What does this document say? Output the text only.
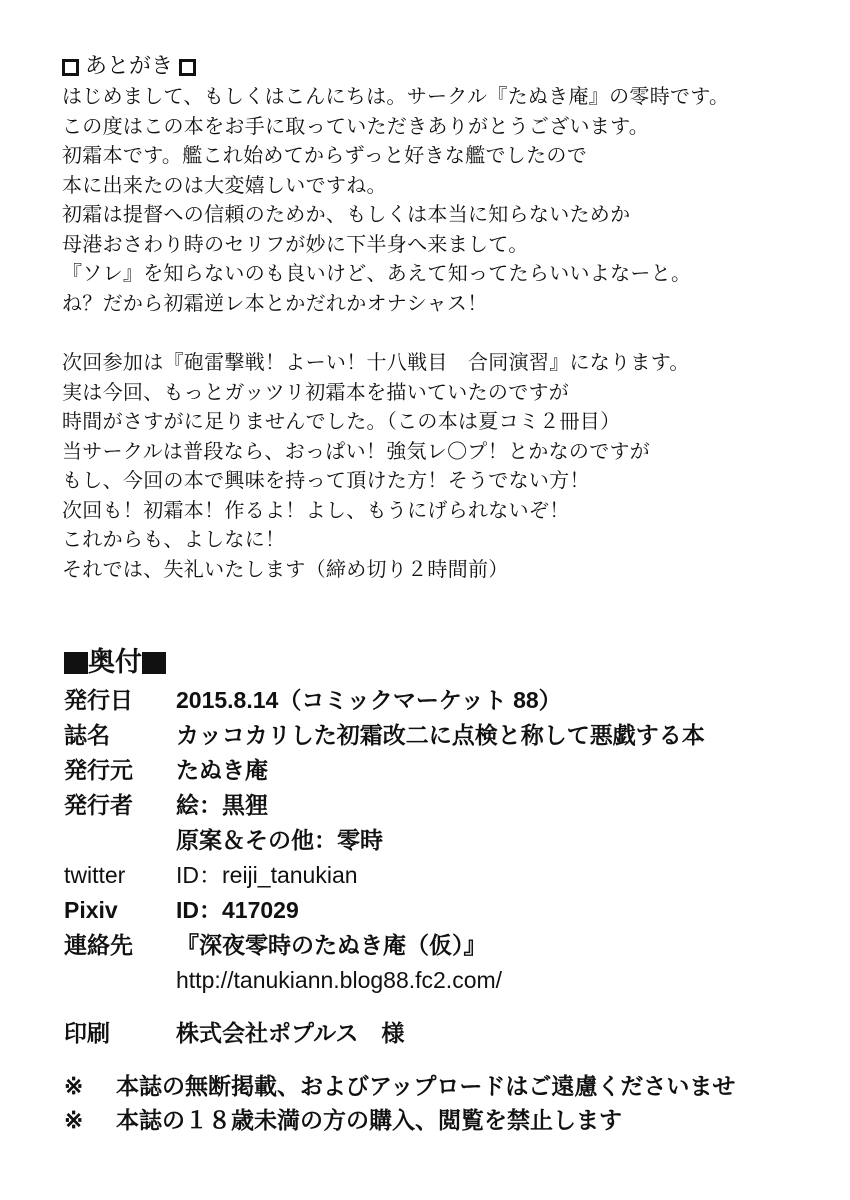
あとがき
はじめまして、もしくはこんにちは。サークル『たぬき庵』の零時です。
この度はこの本をお手に取っていただきありがとうございます。
初霜本です。艦これ始めてからずっと好きな艦でしたので
本に出来たのは大変嬉しいですね。
初霜は提督への信頼のためか、もしくは本当に知らないためか
母港おさわり時のセリフが妙に下半身へ来まして。
『ソレ』を知らないのも良いけど、あえて知ってたらいいよなーと。
ね？だから初霜逆レ本とかだれかオナシャス！
次回参加は『砲雷撃戦！よーい！十八戦目　合同演習』になります。
実は今回、もっとガッツリ初霜本を描いていたのですが
時間がさすがに足りませんでした。（この本は夏コミ２冊目）
当サークルは普段なら、おっぱい！強気レ〇プ！とかなのですが
もし、今回の本で興味を持って頂けた方！そうでない方！
次回も！初霜本！作るよ！よし、もうにげられないぞ！
これからも、よしなに！
それでは、失礼いたします（締め切り２時間前）
奥付
発行日	2015.8.14（コミックマーケット 88）
誌名	カッコカリした初霜改二に点検と称して悪戯する本
発行元	たぬき庵
発行者	絵：黒狸
原案＆その他：零時
twitter	ID：reiji_tanukian
Pixiv	ID：417029
連絡先	『深夜零時のたぬき庵（仮）』
http://tanukiann.blog88.fc2.com/
印刷	株式会社ポプルス　様
※	本誌の無断掲載、およびアップロードはご遠慮くださいませ
※	本誌の１８歳未満の方の購入、閲覧を禁止します
